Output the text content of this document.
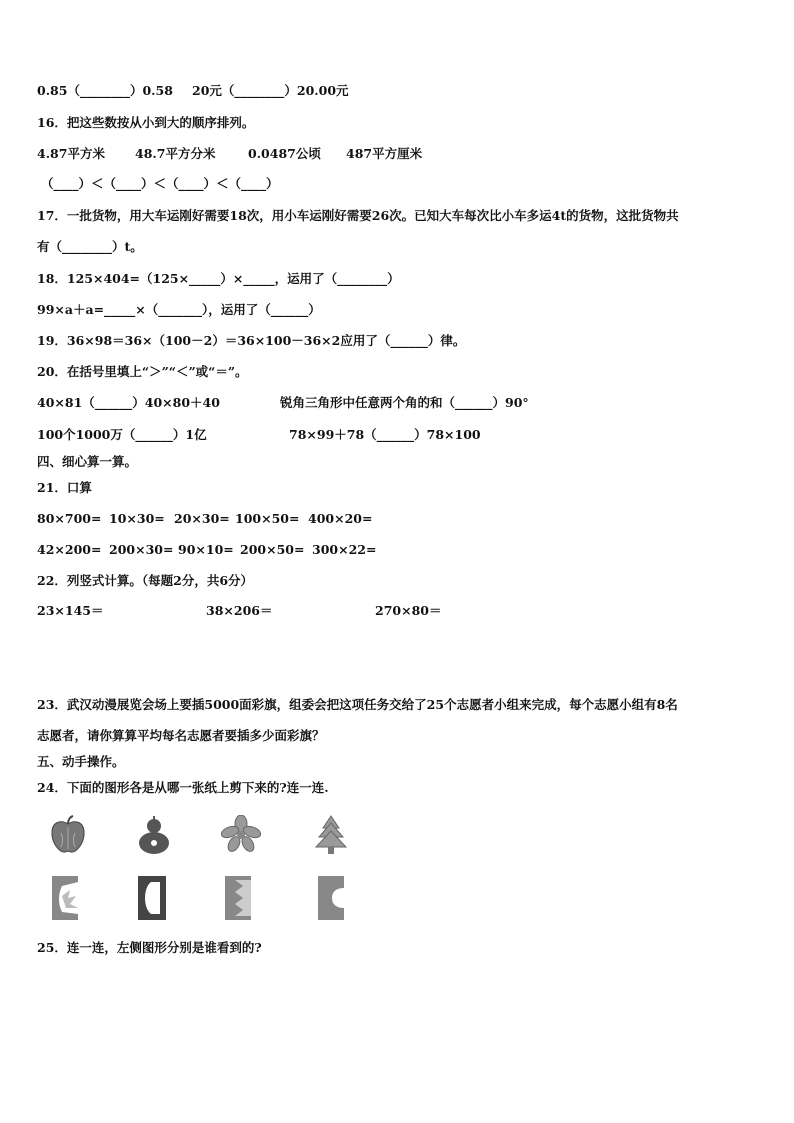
0.85（________）0.58 20元（________）20.00元
16．把这些数按从小到大的顺序排列。
4.87平方米 48.7平方分米	0.0487公顷 487平方厘米
（____）＜（____）＜（____）＜（____）
17．一批货物，用大车运刚好需要18次，用小车运刚好需要26次。已知大车每次比小车多运4t的货物，这批货物共
有（________）t。
18．125×404=（125×_____）×_____，运用了（________）
99×a＋a=_____×（_______），运用了（______）
19．36×98＝36×（100－2）＝36×100－36×2应用了（______）律。
20．在括号里填上“＞”“＜”或“＝”。
40×81（______）40×80＋40	锐角三角形中任意两个角的和（______）90°
100个1000万（______）1亿	78×99＋78（______）78×100
四、细心算一算。
21．口算
80×700= 10×30= 20×30= 100×50= 400×20=
42×200= 200×30= 90×10= 200×50= 300×22=
22．列竖式计算。（每题2分，共6分）
23×145＝	38×206＝	270×80＝
23．武汉动漫展览会场上要插5000面彩旗，组委会把这项任务交给了25个志愿者小组来完成，每个志愿小组有8名
志愿者，请你算算平均每名志愿者要插多少面彩旗？
五、动手操作。
24．下面的图形各是从哪一张纸上剪下来的?连一连.
25．连一连，左侧图形分别是谁看到的?
